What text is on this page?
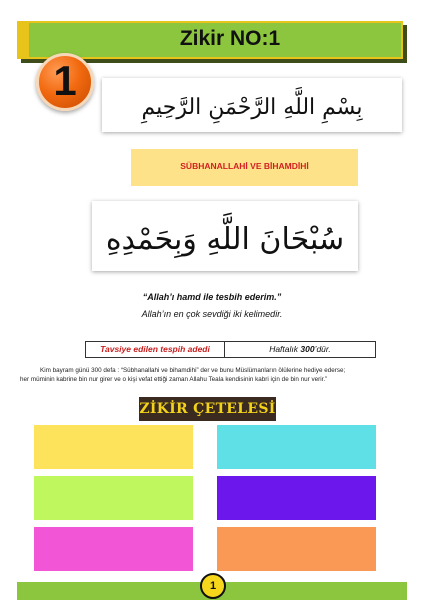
Zikir NO:1
1
بِسْمِ اللَّهِ الرَّحْمَنِ الرَّحِيمِ
SÜBHANALLAHİ VE BİHAMDİHİ
سُبْحَانَ اللَّهِ وَبِحَمْدِهِ
“Allah’ı hamd ile tesbih ederim.”
Allah’ın en çok sevdiği iki kelimedir.
Tavsiye edilen tespih adedi	Haftalık 300’dür.
Kim bayram günü 300 defa : “Sübhanallahi ve bihamdihi” der ve bunu Müslümanların ölülerine hediye ederse;
her müminin kabrine bin nur girer ve o kişi vefat ettiği zaman Allahu Teala kendisinin kabri için de bin nur verir.”
ZİKİR ÇETELESİ
1
